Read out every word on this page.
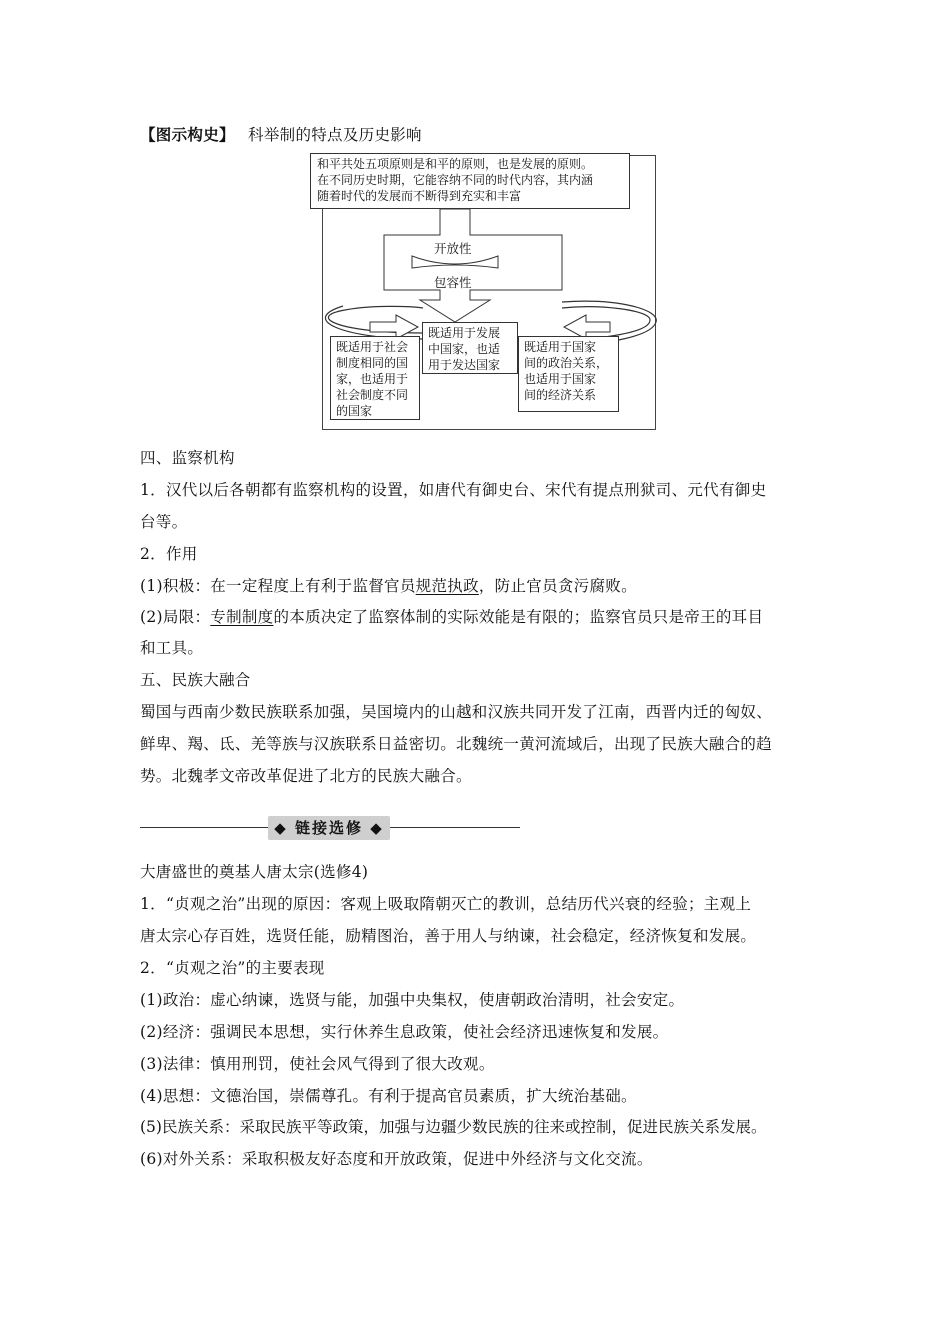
【图示构史】 科举制的特点及历史影响
和平共处五项原则是和平的原则，也是发展的原则。
在不同历史时期，它能容纳不同的时代内容，其内涵
随着时代的发展而不断得到充实和丰富
开放性
包容性
既适用于发展
中国家，也适
用于发达国家
既适用于社会
制度相同的国
家，也适用于
社会制度不同
的国家
既适用于国家
间的政治关系，
也适用于国家
间的经济关系
四、监察机构
1．汉代以后各朝都有监察机构的设置，如唐代有御史台、宋代有提点刑狱司、元代有御史
台等。
2．作用
(1)积极：在一定程度上有利于监督官员规范执政，防止官员贪污腐败。
(2)局限：专制制度的本质决定了监察体制的实际效能是有限的；监察官员只是帝王的耳目
和工具。
五、民族大融合
蜀国与西南少数民族联系加强，吴国境内的山越和汉族共同开发了江南，西晋内迁的匈奴、
鲜卑、羯、氐、羌等族与汉族联系日益密切。北魏统一黄河流域后，出现了民族大融合的趋
势。北魏孝文帝改革促进了北方的民族大融合。
◆ 链接选修 ◆
大唐盛世的奠基人唐太宗(选修4)
1．“贞观之治”出现的原因：客观上吸取隋朝灭亡的教训，总结历代兴衰的经验；主观上
唐太宗心存百姓，选贤任能，励精图治，善于用人与纳谏，社会稳定，经济恢复和发展。
2．“贞观之治”的主要表现
(1)政治：虚心纳谏，选贤与能，加强中央集权，使唐朝政治清明，社会安定。
(2)经济：强调民本思想，实行休养生息政策，使社会经济迅速恢复和发展。
(3)法律：慎用刑罚，使社会风气得到了很大改观。
(4)思想：文德治国，崇儒尊孔。有利于提高官员素质，扩大统治基础。
(5)民族关系：采取民族平等政策，加强与边疆少数民族的往来或控制，促进民族关系发展。
(6)对外关系：采取积极友好态度和开放政策，促进中外经济与文化交流。
